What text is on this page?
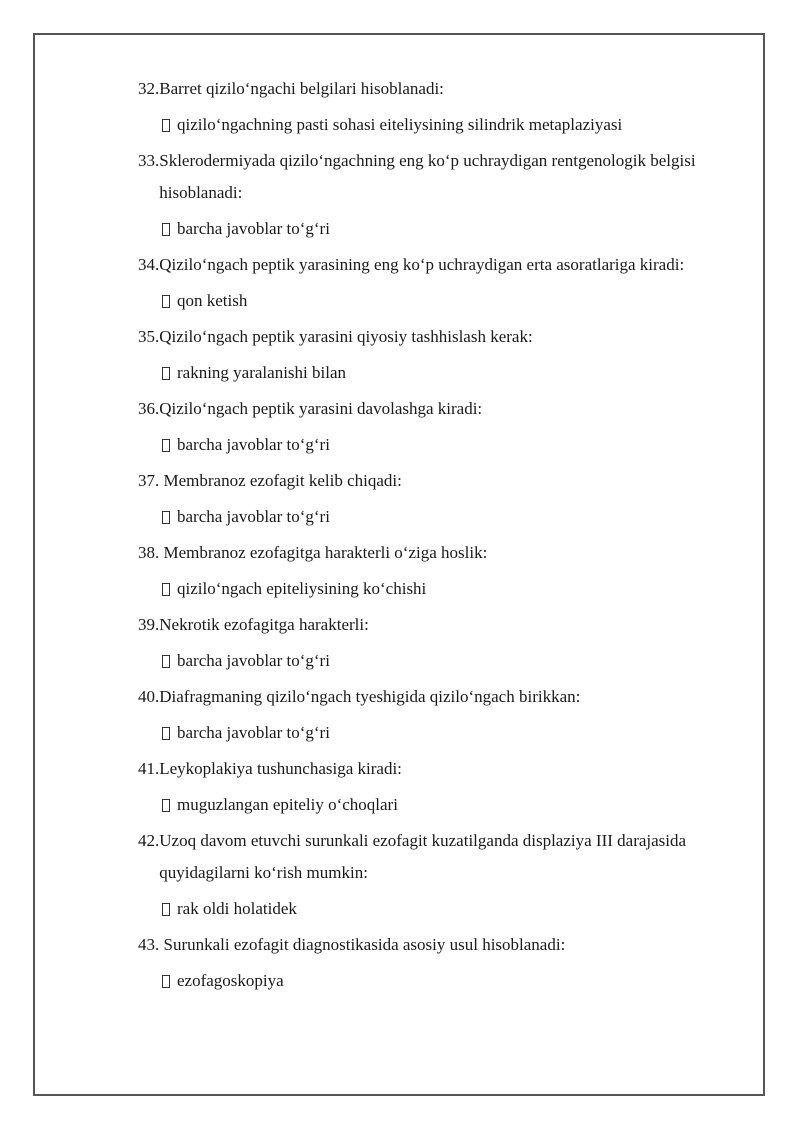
32. Barret qizilo‘ngachi belgilari hisoblanadi:
qizilo‘ngachning pasti sohasi eiteliysining silindrik metaplaziyasi
33. Sklerodermiyada qizilo‘ngachning eng ko‘p uchraydigan rentgenologik belgisi hisoblanadi:
barcha javoblar to‘g‘ri
34. Qizilo‘ngach peptik yarasining eng ko‘p uchraydigan erta asoratlariga kiradi:
qon ketish
35. Qizilo‘ngach peptik yarasini qiyosiy tashhislash kerak:
rakning yaralanishi bilan
36. Qizilo‘ngach peptik yarasini davolashga kiradi:
barcha javoblar to‘g‘ri
37. Membranoz ezofagit kelib chiqadi:
barcha javoblar to‘g‘ri
38. Membranoz ezofagitga harakterli o‘ziga hoslik:
qizilo‘ngach epiteliysining ko‘chishi
39. Nekrotik ezofagitga harakterli:
barcha javoblar to‘g‘ri
40. Diafragmaning qizilo‘ngach tyeshigida qizilo‘ngach birikkan:
barcha javoblar to‘g‘ri
41. Leykoplakiya tushunchasiga kiradi:
muguzlangan epiteliy o‘choqlari
42. Uzoq davom etuvchi surunkali ezofagit kuzatilganda displaziya III darajasida quyidagilarni ko‘rish mumkin:
rak oldi holatidek
43. Surunkali ezofagit diagnostikasida asosiy usul hisoblanadi:
ezofagoskopiya
